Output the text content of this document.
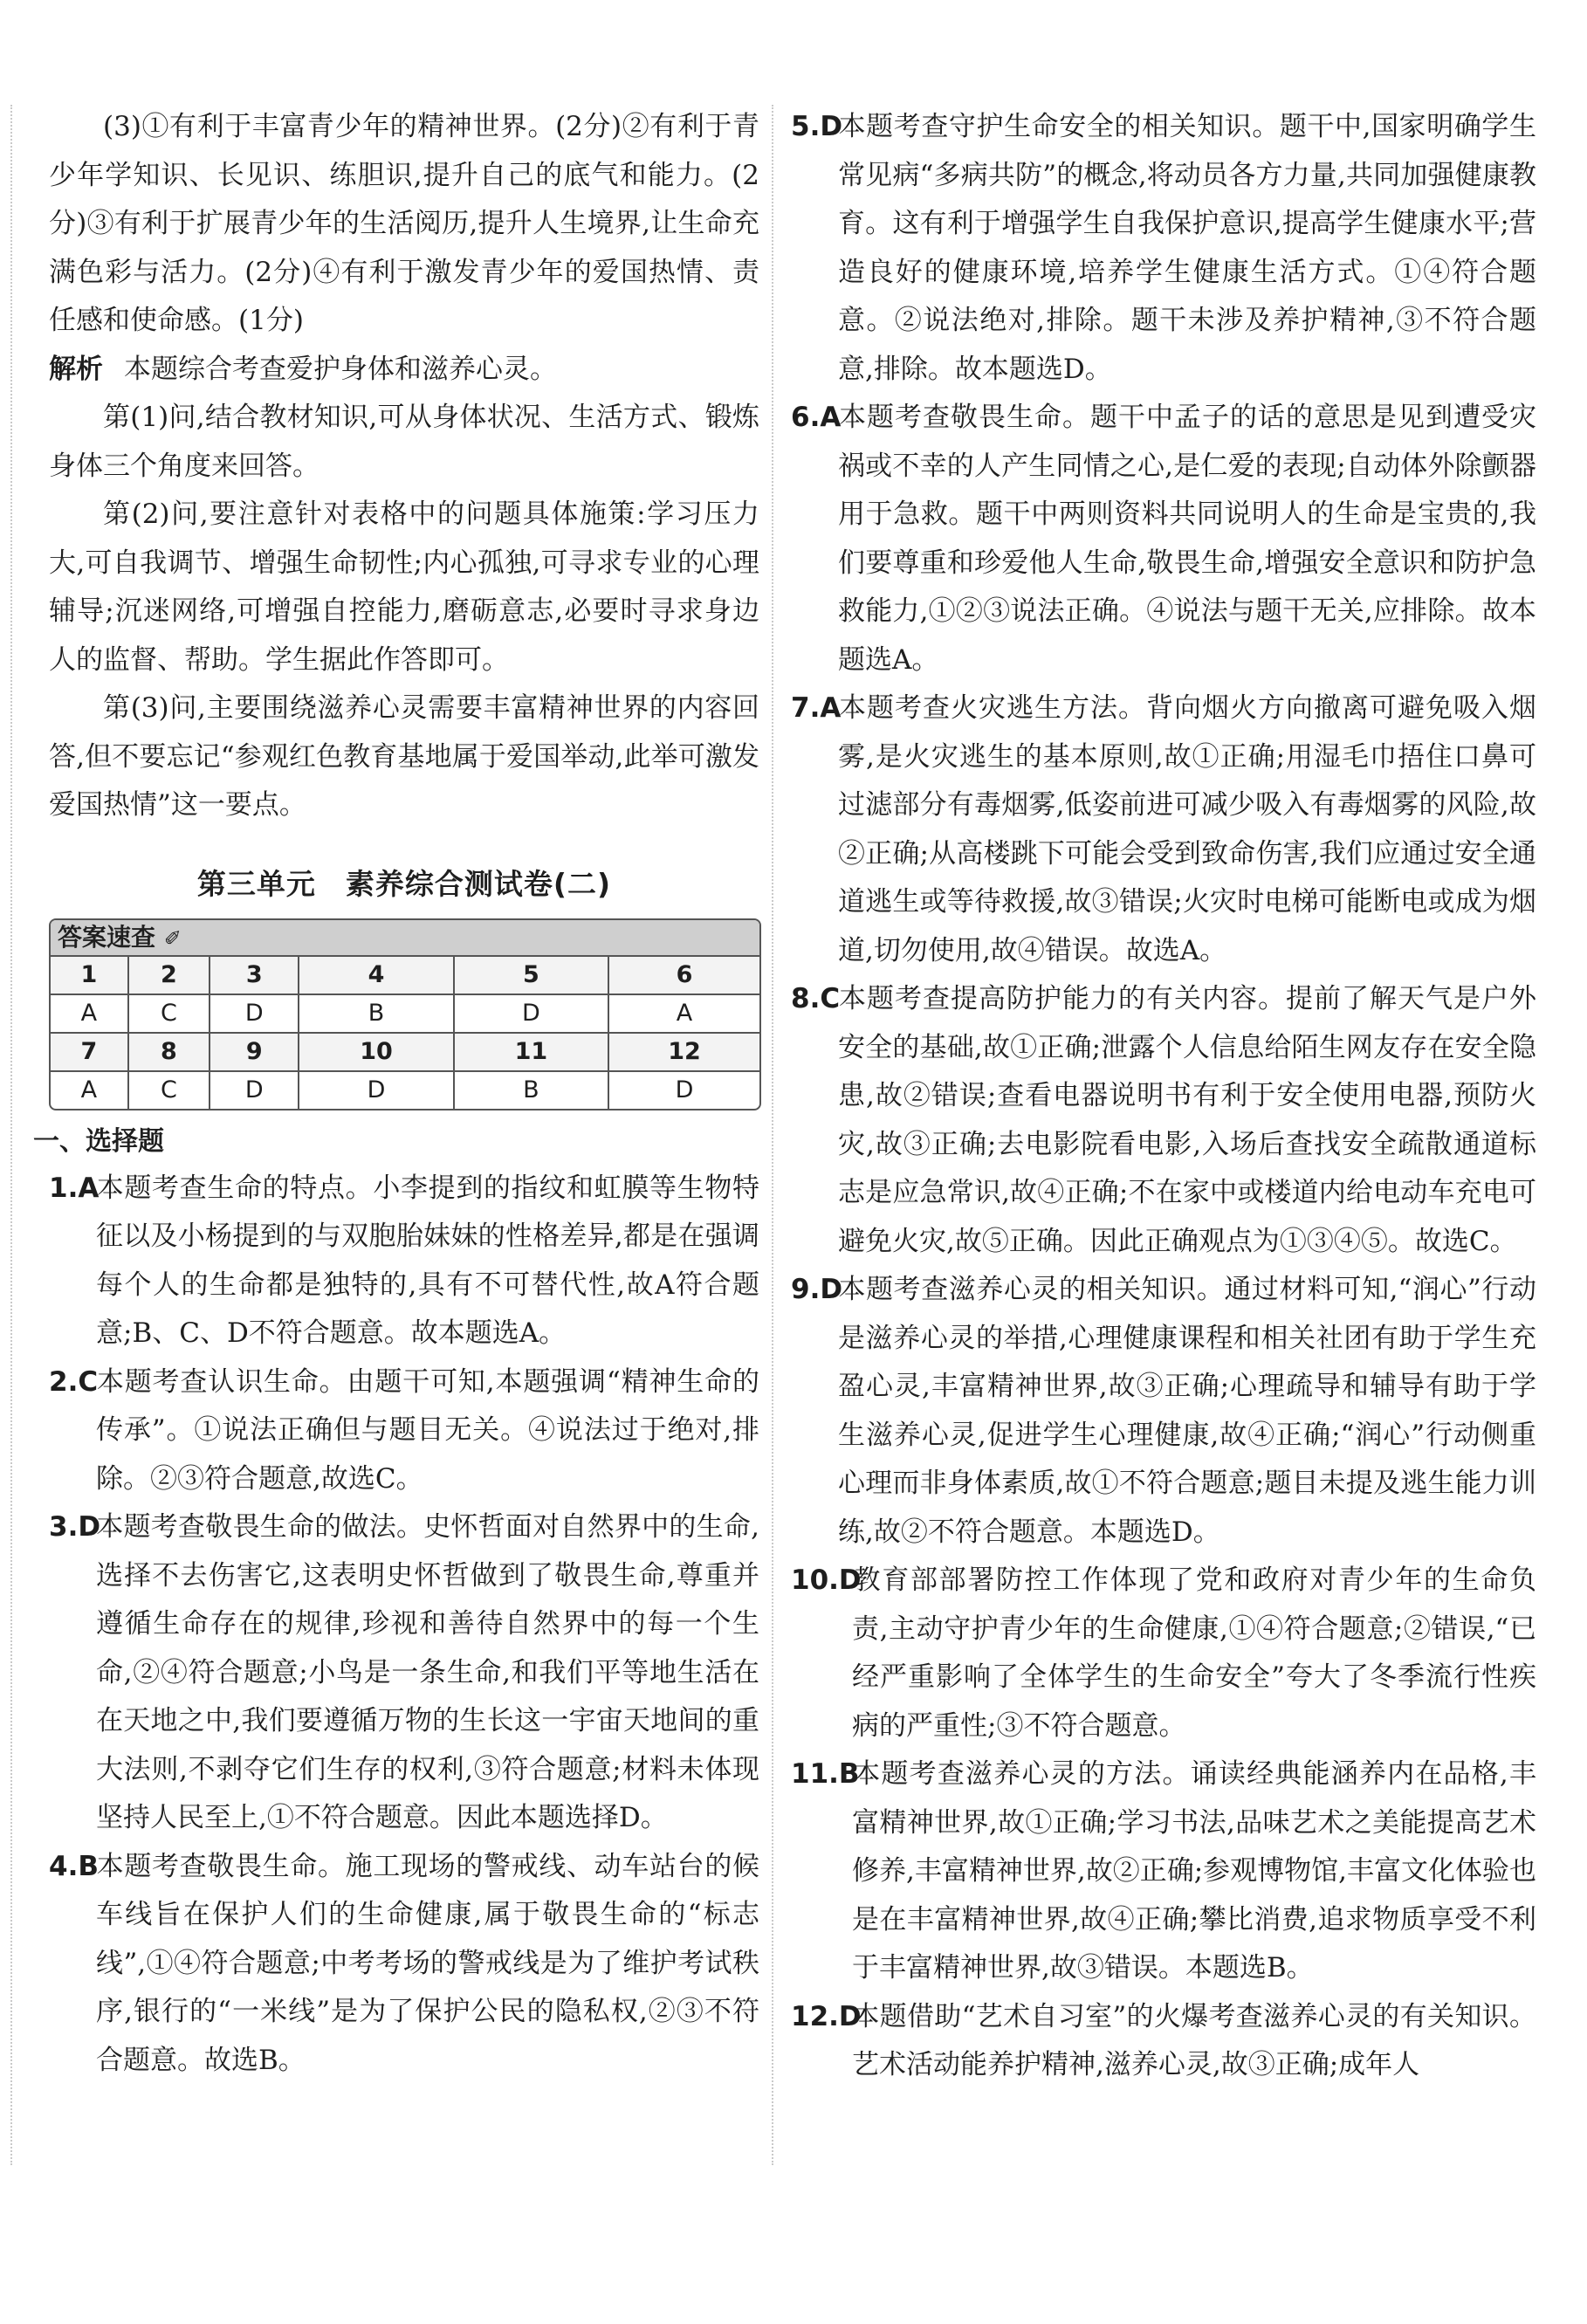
(3)①有利于丰富青少年的精神世界。(2分)②有利于青少年学知识、长见识、练胆识,提升自己的底气和能力。(2分)③有利于扩展青少年的生活阅历,提升人生境界,让生命充满色彩与活力。(2分)④有利于激发青少年的爱国热情、责任感和使命感。(1分)

解析 本题综合考查爱护身体和滋养心灵。

第(1)问,结合教材知识,可从身体状况、生活方式、锻炼身体三个角度来回答。

第(2)问,要注意针对表格中的问题具体施策:学习压力大,可自我调节、增强生命韧性;内心孤独,可寻求专业的心理辅导;沉迷网络,可增强自控能力,磨砺意志,必要时寻求身边人的监督、帮助。学生据此作答即可。

第(3)问,主要围绕滋养心灵需要丰富精神世界的内容回答,但不要忘记“参观红色教育基地属于爱国举动,此举可激发爱国热情”这一要点。

第三单元　素养综合测试卷(二)
答案速查 ✐
1	2	3	4	5	6
A	C	D	B	D	A
7	8	9	10	11	12
A	C	D	D	B	D
一、选择题

1.A本题考查生命的特点。小李提到的指纹和虹膜等生物特征以及小杨提到的与双胞胎妹妹的性格差异,都是在强调每个人的生命都是独特的,具有不可替代性,故A符合题意;B、C、D不符合题意。故本题选A。

2.C本题考查认识生命。由题干可知,本题强调“精神生命的传承”。①说法正确但与题目无关。④说法过于绝对,排除。②③符合题意,故选C。

3.D本题考查敬畏生命的做法。史怀哲面对自然界中的生命,选择不去伤害它,这表明史怀哲做到了敬畏生命,尊重并遵循生命存在的规律,珍视和善待自然界中的每一个生命,②④符合题意;小鸟是一条生命,和我们平等地生活在在天地之中,我们要遵循万物的生长这一宇宙天地间的重大法则,不剥夺它们生存的权利,③符合题意;材料未体现坚持人民至上,①不符合题意。因此本题选择D。

4.B本题考查敬畏生命。施工现场的警戒线、动车站台的候车线旨在保护人们的生命健康,属于敬畏生命的“标志线”,①④符合题意;中考考场的警戒线是为了维护考试秩序,银行的“一米线”是为了保护公民的隐私权,②③不符合题意。故选B。

5.D本题考查守护生命安全的相关知识。题干中,国家明确学生常见病“多病共防”的概念,将动员各方力量,共同加强健康教育。这有利于增强学生自我保护意识,提高学生健康水平;营造良好的健康环境,培养学生健康生活方式。①④符合题意。②说法绝对,排除。题干未涉及养护精神,③不符合题意,排除。故本题选D。

6.A本题考查敬畏生命。题干中孟子的话的意思是见到遭受灾祸或不幸的人产生同情之心,是仁爱的表现;自动体外除颤器用于急救。题干中两则资料共同说明人的生命是宝贵的,我们要尊重和珍爱他人生命,敬畏生命,增强安全意识和防护急救能力,①②③说法正确。④说法与题干无关,应排除。故本题选A。

7.A本题考查火灾逃生方法。背向烟火方向撤离可避免吸入烟雾,是火灾逃生的基本原则,故①正确;用湿毛巾捂住口鼻可过滤部分有毒烟雾,低姿前进可减少吸入有毒烟雾的风险,故②正确;从高楼跳下可能会受到致命伤害,我们应通过安全通道逃生或等待救援,故③错误;火灾时电梯可能断电或成为烟道,切勿使用,故④错误。故选A。

8.C本题考查提高防护能力的有关内容。提前了解天气是户外安全的基础,故①正确;泄露个人信息给陌生网友存在安全隐患,故②错误;查看电器说明书有利于安全使用电器,预防火灾,故③正确;去电影院看电影,入场后查找安全疏散通道标志是应急常识,故④正确;不在家中或楼道内给电动车充电可避免火灾,故⑤正确。因此正确观点为①③④⑤。故选C。

9.D本题考查滋养心灵的相关知识。通过材料可知,“润心”行动是滋养心灵的举措,心理健康课程和相关社团有助于学生充盈心灵,丰富精神世界,故③正确;心理疏导和辅导有助于学生滋养心灵,促进学生心理健康,故④正确;“润心”行动侧重心理而非身体素质,故①不符合题意;题目未提及逃生能力训练,故②不符合题意。本题选D。

10.D教育部部署防控工作体现了党和政府对青少年的生命负责,主动守护青少年的生命健康,①④符合题意;②错误,“已经严重影响了全体学生的生命安全”夸大了冬季流行性疾病的严重性;③不符合题意。

11.B本题考查滋养心灵的方法。诵读经典能涵养内在品格,丰富精神世界,故①正确;学习书法,品味艺术之美能提高艺术修养,丰富精神世界,故②正确;参观博物馆,丰富文化体验也是在丰富精神世界,故④正确;攀比消费,追求物质享受不利于丰富精神世界,故③错误。本题选B。

12.D本题借助“艺术自习室”的火爆考查滋养心灵的有关知识。艺术活动能养护精神,滋养心灵,故③正确;成年人
